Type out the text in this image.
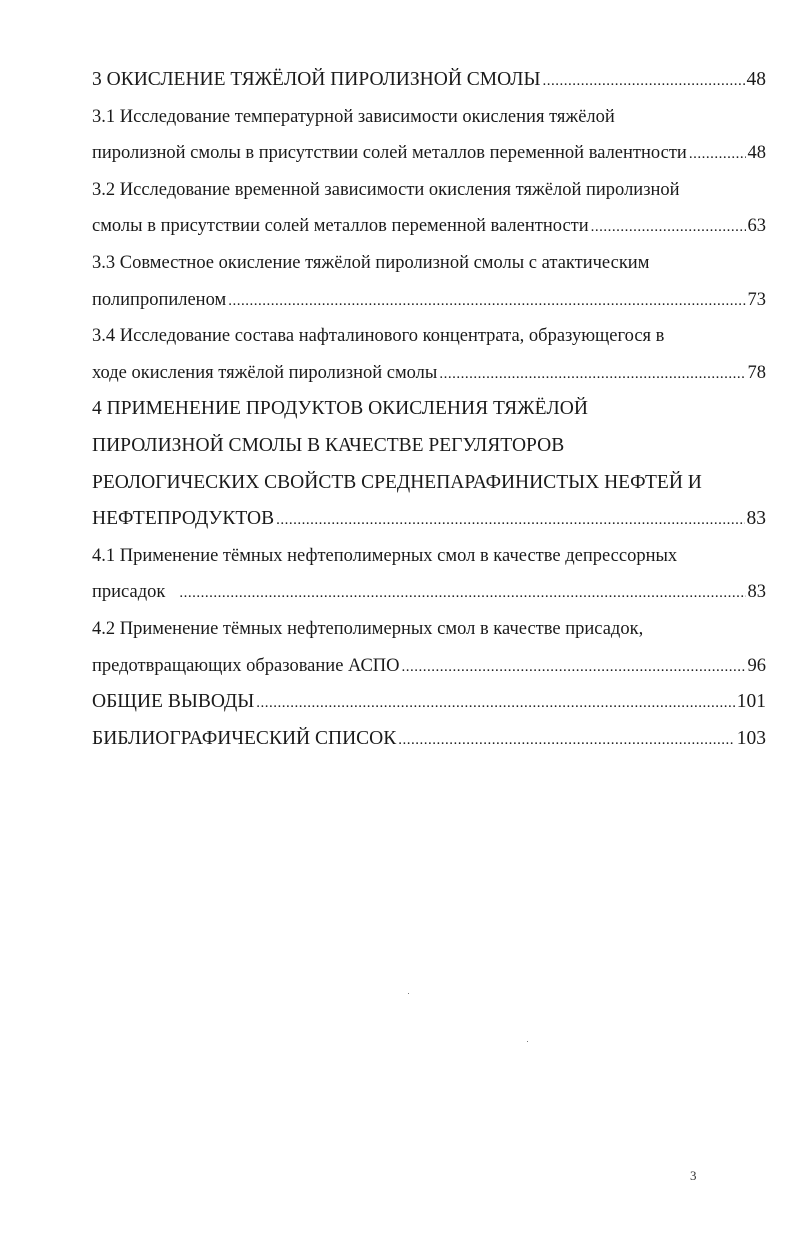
3 ОКИСЛЕНИЕ ТЯЖЁЛОЙ ПИРОЛИЗНОЙ СМОЛЫ .....	48
3.1 Исследование температурной зависимости окисления тяжёлой
пиролизной смолы в присутствии солей металлов переменной валентности .....	48
3.2 Исследование временной зависимости окисления тяжёлой пиролизной
смолы в присутствии солей металлов переменной валентности .....	63
3.3 Совместное окисление тяжёлой пиролизной смолы с атактическим
полипропиленом .....	73
3.4 Исследование состава нафталинового концентрата, образующегося в
ходе окисления тяжёлой пиролизной смолы .....	78
4 ПРИМЕНЕНИЕ ПРОДУКТОВ ОКИСЛЕНИЯ ТЯЖЁЛОЙ
ПИРОЛИЗНОЙ СМОЛЫ В КАЧЕСТВЕ РЕГУЛЯТОРОВ
РЕОЛОГИЧЕСКИХ СВОЙСТВ СРЕДНЕПАРАФИНИСТЫХ НЕФТЕЙ И
НЕФТЕПРОДУКТОВ .....	83
4.1 Применение тёмных нефтеполимерных смол в качестве депрессорных
присадок .....	83
4.2 Применение тёмных нефтеполимерных смол в качестве присадок,
предотвращающих образование АСПО .....	96
ОБЩИЕ ВЫВОДЫ .....	101
БИБЛИОГРАФИЧЕСКИЙ СПИСОК .....	103
3
